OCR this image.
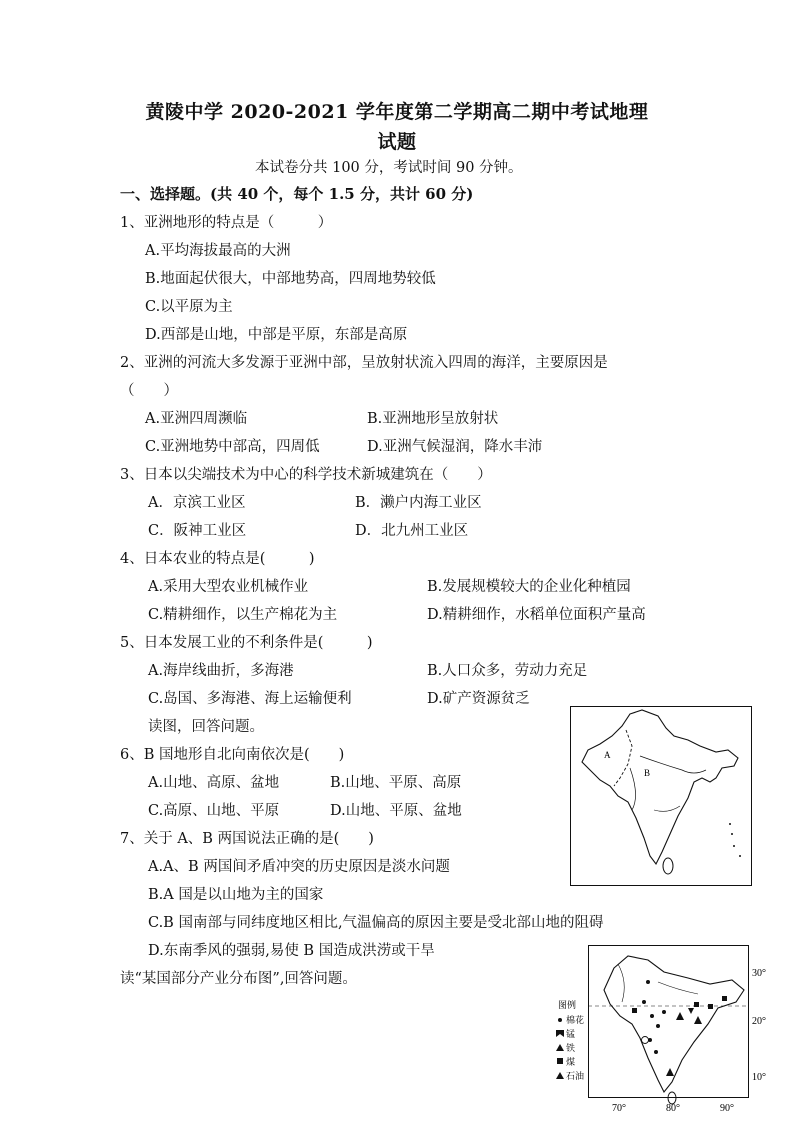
黄陵中学 2020-2021 学年度第二学期高二期中考试地理
试题
本试卷分共 100 分，考试时间 90 分钟。
一、选择题。(共 40 个，每个 1.5 分，共计 60 分)
1、亚洲地形的特点是（　　　）
A.平均海拔最高的大洲
B.地面起伏很大，中部地势高，四周地势较低
C.以平原为主
D.西部是山地，中部是平原，东部是高原
2、亚洲的河流大多发源于亚洲中部，呈放射状流入四周的海洋，主要原因是
（　　）
A.亚洲四周濒临	B.亚洲地形呈放射状
C.亚洲地势中部高，四周低	D.亚洲气候湿润，降水丰沛
3、日本以尖端技术为中心的科学技术新城建筑在（　　）
A．京滨工业区	B．濑户内海工业区
C．阪神工业区	D．北九州工业区
4、日本农业的特点是(　　　)
A.采用大型农业机械作业	B.发展规模较大的企业化种植园
C.精耕细作，以生产棉花为主	D.精耕细作，水稻单位面积产量高
5、日本发展工业的不利条件是(　　　)
A.海岸线曲折，多海港	B.人口众多，劳动力充足
C.岛国、多海港、海上运输便利	D.矿产资源贫乏
读图，回答问题。
6、B 国地形自北向南依次是(　　)
A.山地、高原、盆地	B.山地、平原、高原
C.高原、山地、平原	D.山地、平原、盆地
7、关于 A、B 两国说法正确的是(　　)
A.A、B 两国间矛盾冲突的历史原因是淡水问题
B.A 国是以山地为主的国家
C.B 国南部与同纬度地区相比,气温偏高的原因主要是受北部山地的阻碍
D.东南季风的强弱,易使 B 国造成洪涝或干旱
读“某国部分产业分布图”,回答问题。
A
B
图例
棉花
锰
铁
煤
石油
30°
20°
10°
70°	80°	90°
